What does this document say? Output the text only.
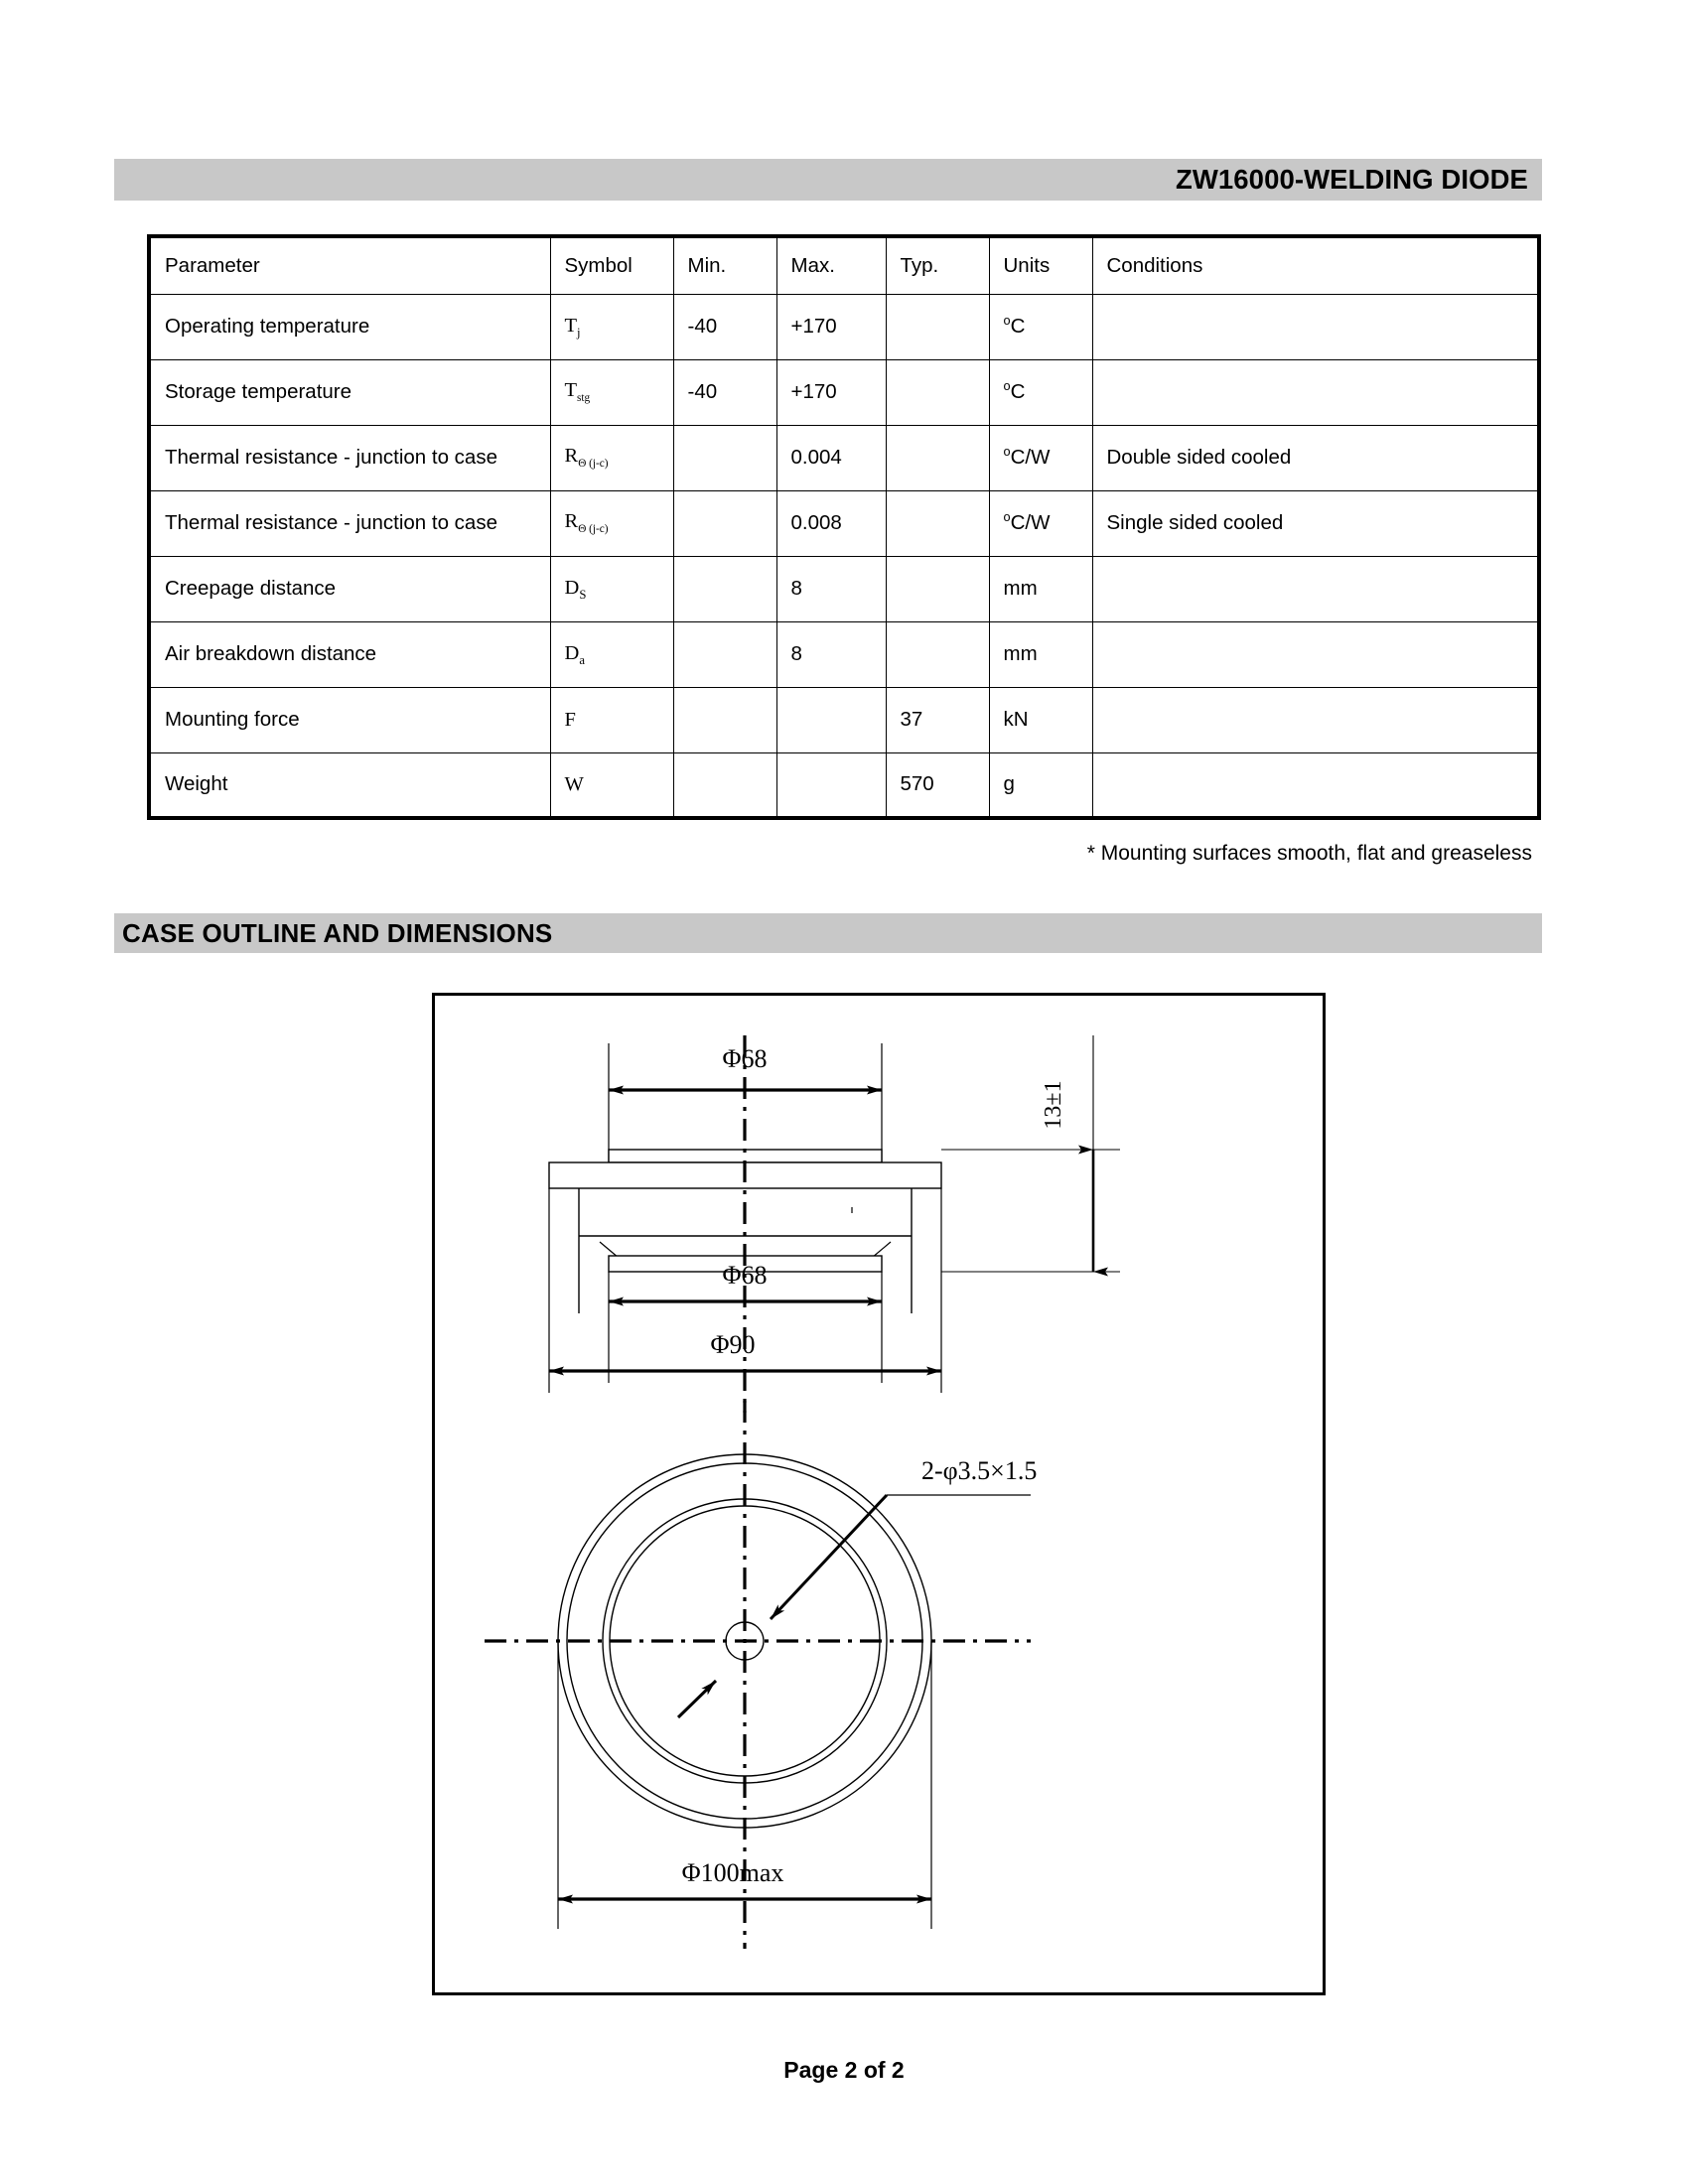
ZW16000-WELDING DIODE
Parameter	Symbol	Min.	Max.	Typ.	Units	Conditions
Operating temperature	$T_j$	-40	+170		$^o$C	
Storage temperature	$T_{stg}$	-40	+170		$^o$C	
Thermal resistance - junction to case	$R_{\Theta (j-c)}$		0.004		$^o$C/W	Double sided cooled
Thermal resistance - junction to case	$R_{\Theta (j-c)}$		0.008		$^o$C/W	Single sided cooled
Creepage distance	$D_S$		8		mm	
Air breakdown distance	$D_a$		8		mm	
Mounting force	F			37	kN	
Weight	W			570	g	
* Mounting surfaces smooth, flat and greaseless
CASE OUTLINE AND DIMENSIONS
Φ68
13±1
Φ68
Φ90
2-φ3.5×1.5
Φ100max
Page 2 of 2
